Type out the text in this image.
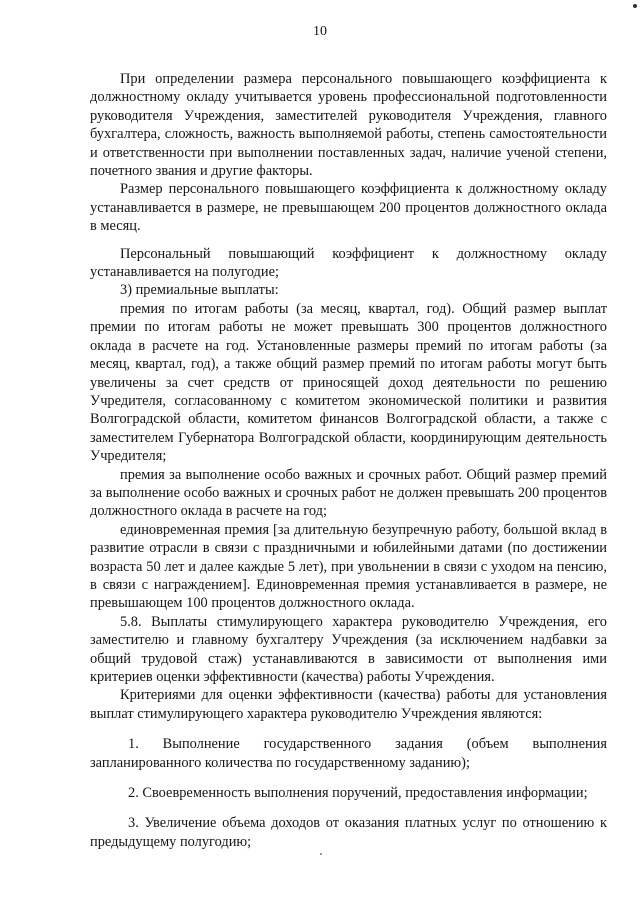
10

При определении размера персонального повышающего коэффициента к должностному окладу учитывается уровень профессиональной подготовленности руководителя Учреждения, заместителей руководителя Учреждения, главного бухгалтера, сложность, важность выполняемой работы, степень самостоятельности и ответственности при выполнении поставленных задач, наличие ученой степени, почетного звания и другие факторы.

Размер персонального повышающего коэффициента к должностному окладу устанавливается в размере, не превышающем 200 процентов должностного оклада в месяц.

Персональный повышающий коэффициент к должностному окладу устанавливается на полугодие;

3) премиальные выплаты:

премия по итогам работы (за месяц, квартал, год). Общий размер выплат премии по итогам работы не может превышать 300 процентов должностного оклада в расчете на год. Установленные размеры премий по итогам работы (за месяц, квартал, год), а также общий размер премий по итогам работы могут быть увеличены за счет средств от приносящей доход деятельности по решению Учредителя, согласованному с комитетом экономической политики и развития Волгоградской области, комитетом финансов Волгоградской области, а также с заместителем Губернатора Волгоградской области, координирующим деятельность Учредителя;

премия за выполнение особо важных и срочных работ. Общий размер премий за выполнение особо важных и срочных работ не должен превышать 200 процентов должностного оклада в расчете на год;

единовременная премия [за длительную безупречную работу, большой вклад в развитие отрасли в связи с праздничными и юбилейными датами (по достижении возраста 50 лет и далее каждые 5 лет), при увольнении в связи с уходом на пенсию, в связи с награждением]. Единовременная премия устанавливается в размере, не превышающем 100 процентов должностного оклада.

5.8. Выплаты стимулирующего характера руководителю Учреждения, его заместителю и главному бухгалтеру Учреждения (за исключением надбавки за общий трудовой стаж) устанавливаются в зависимости от выполнения ими критериев оценки эффективности (качества) работы Учреждения.

Критериями для оценки эффективности (качества) работы для установления выплат стимулирующего характера руководителю Учреждения являются:

1. Выполнение государственного задания (объем выполнения запланированного количества по государственному заданию);

2. Своевременность выполнения поручений, предоставления информации;

3. Увеличение объема доходов от оказания платных услуг по отношению к предыдущему полугодию;
